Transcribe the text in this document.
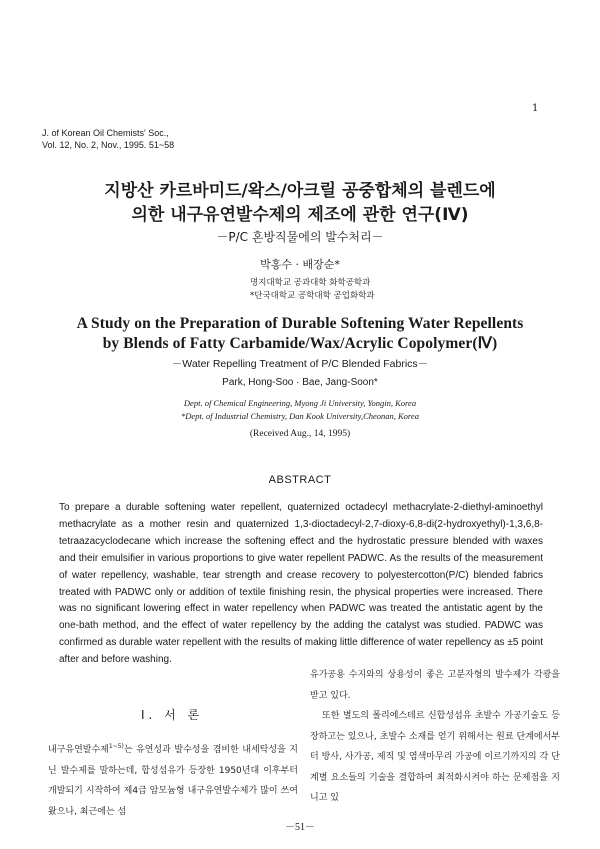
1
J. of Korean Oil Chemists' Soc.,
Vol. 12, No. 2, Nov., 1995. 51~58
지방산 카르바미드/왁스/아크릴 공중합체의 블렌드에
의한 내구유연발수제의 제조에 관한 연구(Ⅳ)
－P/C 혼방직물에의 발수처리－
박홍수 · 배장순*
명지대학교 공과대학 화학공학과
*단국대학교 공학대학 공업화학과
A Study on the Preparation of Durable Softening Water Repellents
by Blends of Fatty Carbamide/Wax/Acrylic Copolymer(Ⅳ)
－Water Repelling Treatment of P/C Blended Fabrics－
Park, Hong-Soo · Bae, Jang-Soon*
Dept. of Chemical Engineering, Myong Ji University, Yongin, Korea
*Dept. of Industrial Chemistry, Dan Kook University,Cheonan, Korea
(Received Aug., 14, 1995)
ABSTRACT

To prepare a durable softening water repellent, quaternized octadecyl methacrylate-2-diethyl-aminoethyl methacrylate as a mother resin and quaternized 1,3-dioctadecyl-2,7-dioxy-6,8-di(2-hydroxyethyl)-1,3,6,8-tetraazacyclodecane which increase the softening effect and the hydrostatic pressure blended with waxes and their emulsifier in various proportions to give water repellent PADWC. As the results of the measurement of water repellency, washable, tear strength and crease recovery to polyestercotton(P/C) blended fabrics treated with PADWC only or addition of textile finishing resin, the physical properties were increased. There was no significant lowering effect in water repellency when PADWC was treated the antistatic agent by the one-bath method, and the effect of water repellency by the adding the catalyst was studied. PADWC was confirmed as durable water repellent with the results of making little difference of water repellency as ±5 point after and before washing.

Ⅰ. 서 론

내구유연발수제$^{1\sim 5)}$는 유연성과 발수성을 겸비한 내세탁성을 지닌 발수제를 말하는데, 합성섬유가 등장한 1950년대 이후부터 개발되기 시작하여 제4급 암모늄형 내구유연발수제가 많이 쓰여 왔으나, 최근에는 섬

유가공용 수지와의 상용성이 좋은 고분자형의 발수제가 각광을 받고 있다.

또한 별도의 폴리에스테르 신합성섬유 초발수 가공기술도 등장하고는 있으나, 초발수 소재를 얻기 위해서는 원료 단계에서부터 방사, 사가공, 제직 및 염색마무리 가공에 이르기까지의 각 단계별 요소들의 기술을 결합하여 최적화시켜야 하는 문제점을 지니고 있

－51－
